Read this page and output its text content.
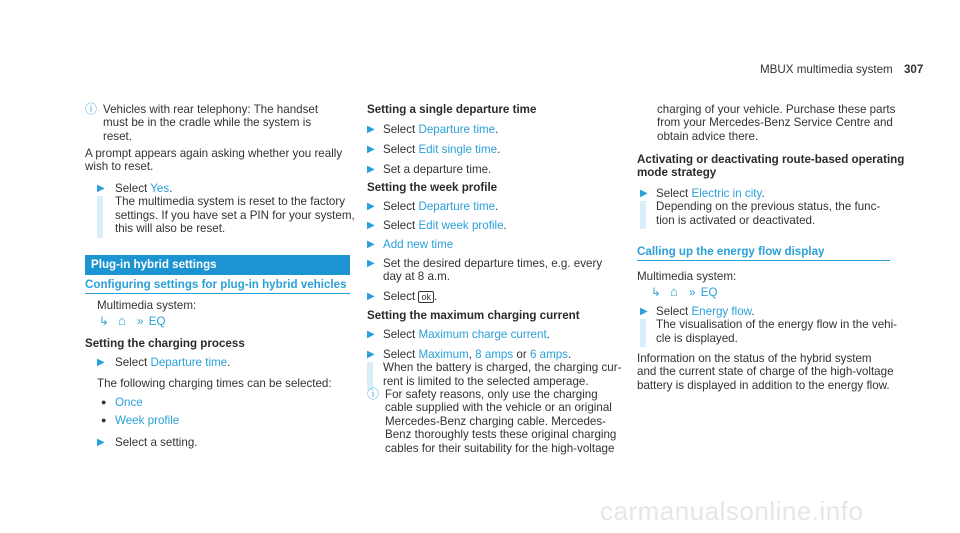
MBUX multimedia system 307
ⓘ Vehicles with rear telephony: The handset
must be in the cradle while the system is
reset.
A prompt appears again asking whether you really
wish to reset.
▶ Select Yes.
The multimedia system is reset to the factory
settings. If you have set a PIN for your system,
this will also be reset.
Plug-in hybrid settings
Configuring settings for plug-in hybrid vehicles
Multimedia system:
↳ ⌂ » EQ
Setting the charging process
▶ Select Departure time.
The following charging times can be selected:
● Once
● Week profile
▶ Select a setting.
Setting a single departure time
▶ Select Departure time.
▶ Select Edit single time.
▶ Set a departure time.
Setting the week profile
▶ Select Departure time.
▶ Select Edit week profile.
▶ Add new time
▶ Set the desired departure times, e.g. every
day at 8 a.m.
▶ Select ok .
Setting the maximum charging current
▶ Select Maximum charge current.
▶ Select Maximum, 8 amps or 6 amps.
When the battery is charged, the charging cur-
rent is limited to the selected amperage.
ⓘ For safety reasons, only use the charging
cable supplied with the vehicle or an original
Mercedes-Benz charging cable. Mercedes-
Benz thoroughly tests these original charging
cables for their suitability for the high-voltage
charging of your vehicle. Purchase these parts
from your Mercedes-Benz Service Centre and
obtain advice there.
Activating or deactivating route-based operating
mode strategy
▶ Select Electric in city.
Depending on the previous status, the func-
tion is activated or deactivated.
Calling up the energy flow display
Multimedia system:
↳ ⌂ » EQ
▶ Select Energy flow.
The visualisation of the energy flow in the vehi-
cle is displayed.
Information on the status of the hybrid system
and the current state of charge of the high-voltage
battery is displayed in addition to the energy flow.
carmanualsonline.info
